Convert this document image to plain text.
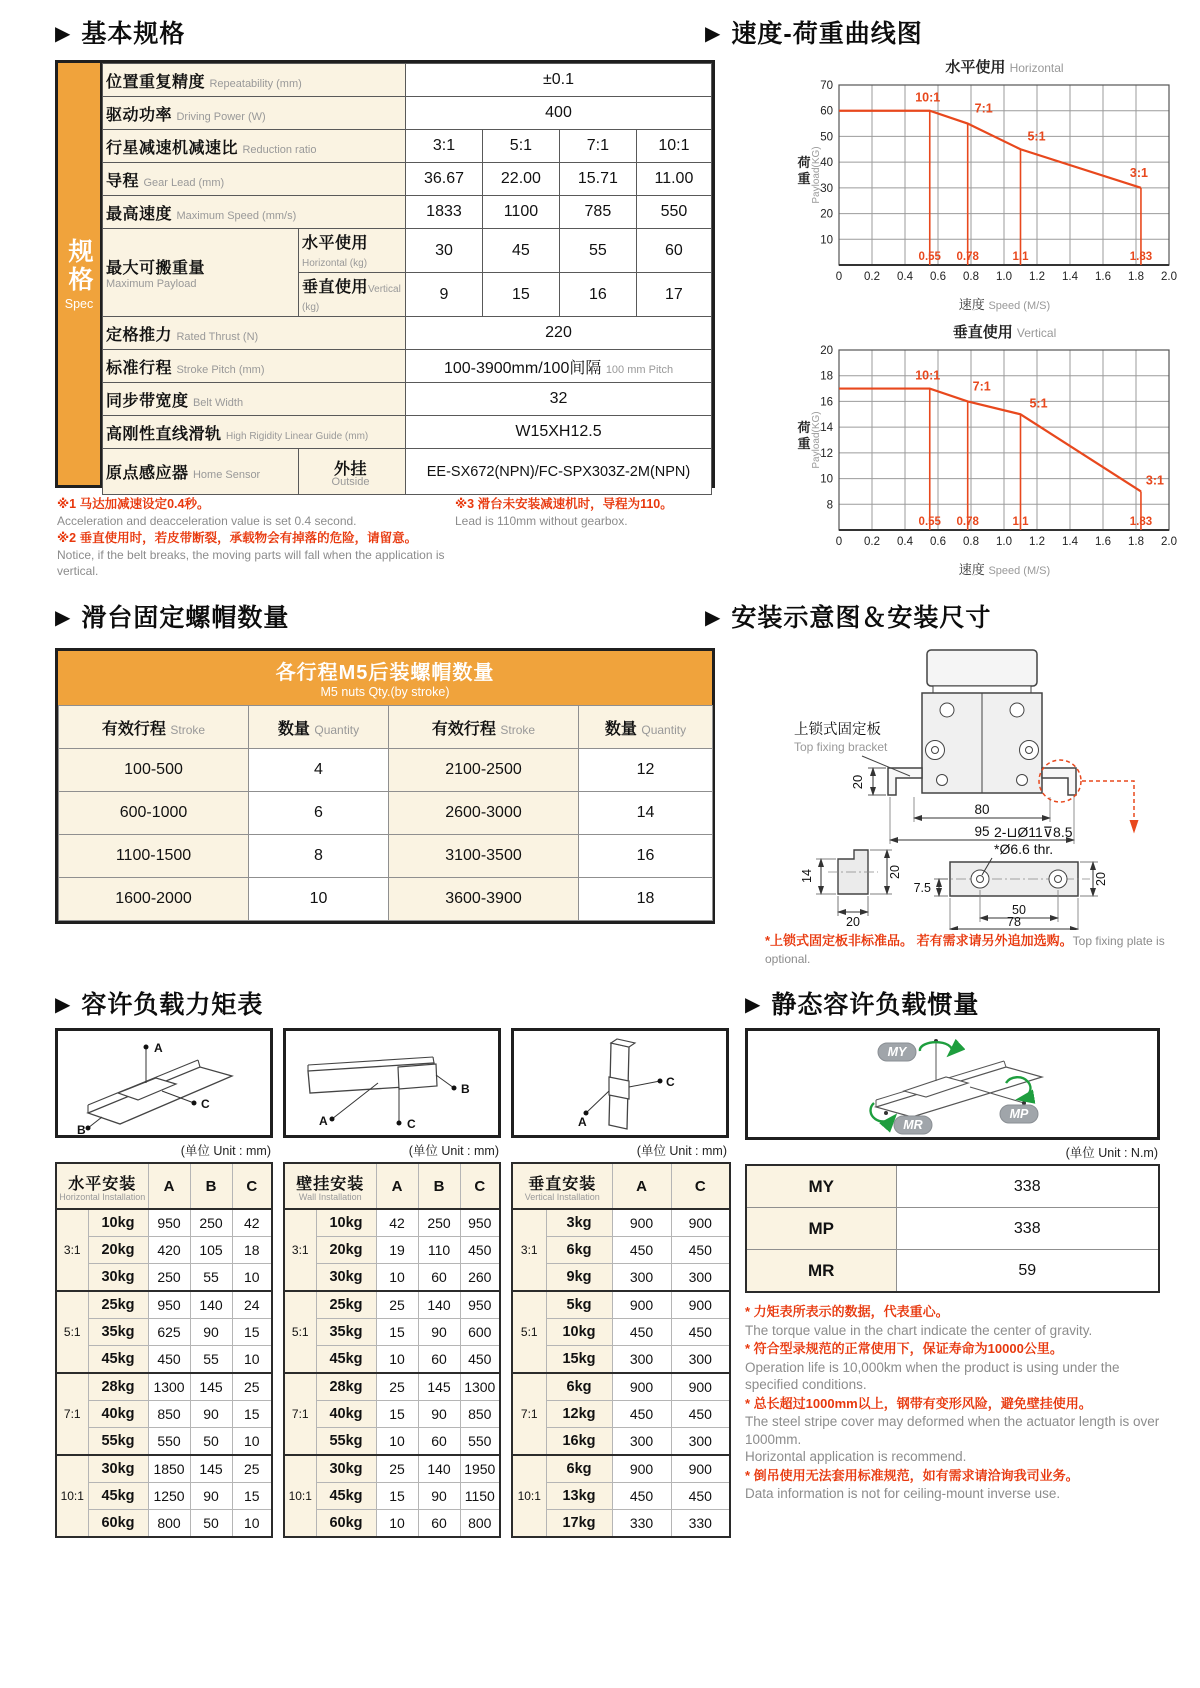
▶ 基本规格
规格
Spec
位置重复精度 Repeatability (mm)		±0.1			
驱动功率 Driving Power (W)		400			
行星减速机减速比 Reduction ratio		3:1	5:1	7:1	10:1
导程 Gear Lead (mm)		36.67	22.00	15.71	11.00
最高速度 Maximum Speed (mm/s)		1833	1100	785	550
最大可搬重量
Maximum Payload	水平使用Horizontal (kg)	30	45	55	60
	垂直使用Vertical (kg)	9	15	16	17
定格推力 Rated Thrust (N)		220			
标准行程 Stroke Pitch (mm)		100-3900mm/100间隔 100 mm Pitch			
同步带宽度 Belt Width		32			
高刚性直线滑轨 High Rigidity Linear Guide (mm)		W15XH12.5			
原点感应器 Home Sensor	外挂
Outside	EE-SX672(NPN)/FC-SPX303Z-2M(NPN)			
※1 马达加减速设定0.4秒。
Acceleration and deacceleration value is set 0.4 second.
※2 垂直使用时，若皮带断裂，承载物会有掉落的危险，请留意。
Notice, if the belt breaks, the moving parts will fall when the application is vertical.
※3 滑台未安装减速机时，导程为110。
Lead is 110mm without gearbox.
▶ 速度-荷重曲线图
水平使用 Horizontal
0 0.2 0.4 0.6 0.8 1.0 1.2 1.4 1.6 1.8 2.0
10
20
30
40
50
60
70
荷
重 Payload(KG)
0.55 0.78	1.1	1.83
10:1
7:1
5:1
3:1
速度 Speed (M/S)
垂直使用 Vertical
0 0.2 0.4 0.6 0.8 1.0 1.2 1.4 1.6 1.8 2.0
8
10
12
14
16
18
20
荷
重 Payload(KG)
0.55 0.78	1.1	1.83
10:1
7:1
5:1
3:1
速度 Speed (M/S)
▶ 滑台固定螺帽数量
各行程M5后装螺帽数量
M5 nuts Qty.(by stroke)
有效行程 Stroke	数量 Quantity	有效行程 Stroke	数量 Quantity
100-500	4	2100-2500	12
600-1000	6	2600-3000	14
1100-1500	8	3100-3500	16
1600-2000	10	3600-3900	18
▶ 安装示意图＆安装尺寸
20
80
95
上锁式固定板
Top fixing bracket
14	20
20
2-⊔Ø11⊽8.5
*Ø6.6 thr.
7.5
50
78
20
*上锁式固定板非标准品。 若有需求请另外追加选购。Top fixing plate is optional.
▶ 容许负载力矩表
A
C
B
(单位 Unit : mm)
水平安装
Horizontal Installation		A	B	C
3:1	10kg	950	250	42
	20kg	420	105	18
	30kg	250	55	10
5:1	25kg	950	140	24
	35kg	625	90	15
	45kg	450	55	10
7:1	28kg	1300	145	25
	40kg	850	90	15
	55kg	550	50	10
10:1	30kg	1850	145	25
	45kg	1250	90	15
	60kg	800	50	10
A
B
C
(单位 Unit : mm)
壁挂安装
Wall Installation		A	B	C
3:1	10kg	42	250	950
	20kg	19	110	450
	30kg	10	60	260
5:1	25kg	25	140	950
	35kg	15	90	600
	45kg	10	60	450
7:1	28kg	25	145	1300
	40kg	15	90	850
	55kg	10	60	550
10:1	30kg	25	140	1950
	45kg	15	90	1150
	60kg	10	60	800
C
A
(单位 Unit : mm)
垂直安装
Vertical Installation		A	C
3:1	3kg	900	900
	6kg	450	450
	9kg	300	300
5:1	5kg	900	900
	10kg	450	450
	15kg	300	300
7:1	6kg	900	900
	12kg	450	450
	16kg	300	300
10:1	6kg	900	900
	13kg	450	450
	17kg	330	330
▶ 静态容许负载惯量
MY
MP
MR
(单位 Unit : N.m)
MY	338
MP	338
MR	59
* 力矩表所表示的数据，代表重心。
The torque value in the chart indicate the center of gravity.
* 符合型录规范的正常使用下，保证寿命为10000公里。
Operation life is 10,000km when the product is using under the specified conditions.
* 总长超过1000mm以上，钢带有变形风险，避免壁挂使用。
The steel stripe cover may deformed when the actuator length is over 1000mm.
Horizontal application is recommend.
* 倒吊使用无法套用标准规范，如有需求请洽询我司业务。
Data information is not for ceiling-mount inverse use.
